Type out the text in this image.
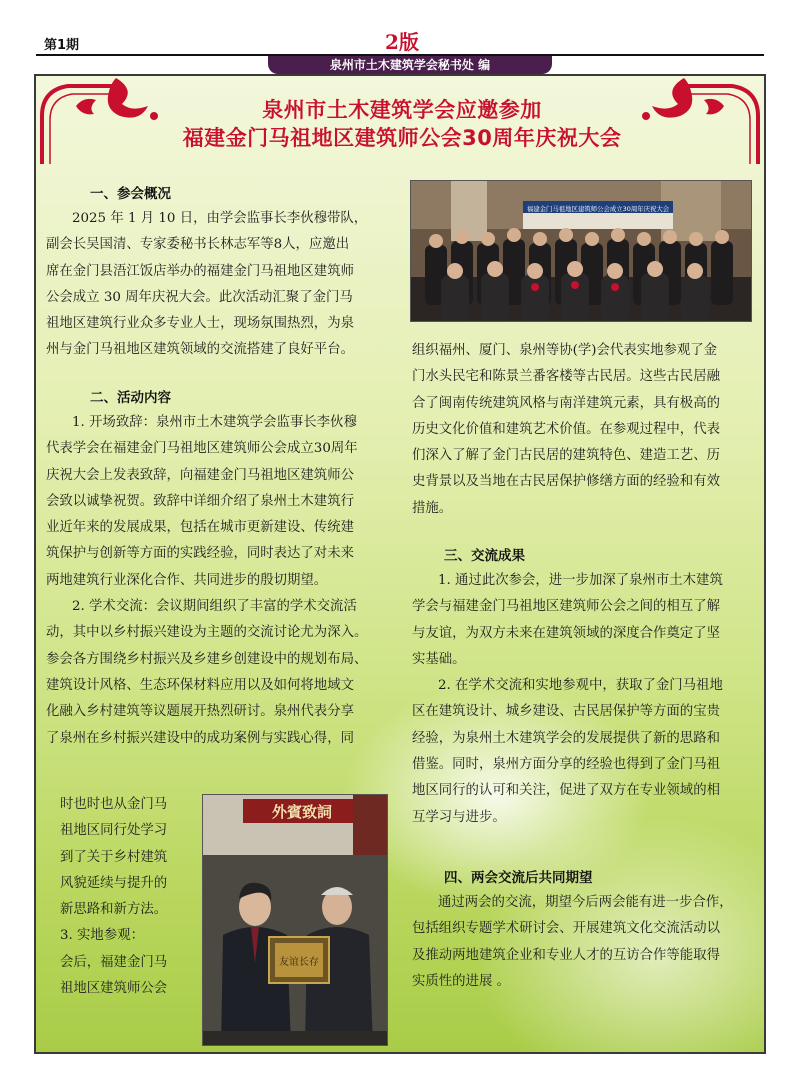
第1期	2版
泉州市土木建筑学会秘书处 编
泉州市土木建筑学会应邀参加
福建金门马祖地区建筑师公会30周年庆祝大会
一、参会概况
2025 年 1 月 10 日，由学会监事长李伙穆带队，
副会长吴国清、专家委秘书长林志军等8人，应邀出
席在金门县浯江饭店举办的福建金门马祖地区建筑师
公会成立 30 周年庆祝大会。此次活动汇聚了金门马
祖地区建筑行业众多专业人士，现场氛围热烈，为泉
州与金门马祖地区建筑领域的交流搭建了良好平台。
二、活动内容
1. 开场致辞：泉州市土木建筑学会监事长李伙穆
代表学会在福建金门马祖地区建筑师公会成立30周年
庆祝大会上发表致辞，向福建金门马祖地区建筑师公
会致以诚挚祝贺。致辞中详细介绍了泉州土木建筑行
业近年来的发展成果，包括在城市更新建设、传统建
筑保护与创新等方面的实践经验，同时表达了对未来
两地建筑行业深化合作、共同进步的殷切期望。
2. 学术交流：会议期间组织了丰富的学术交流活
动，其中以乡村振兴建设为主题的交流讨论尤为深入。
参会各方围绕乡村振兴及乡建乡创建设中的规划布局、
建筑设计风格、生态环保材料应用以及如何将地域文
化融入乡村建筑等议题展开热烈研讨。泉州代表分享
了泉州在乡村振兴建设中的成功案例与实践心得，同
时也时也从金门马
祖地区同行处学习
到了关于乡村建筑
风貌延续与提升的
新思路和新方法。
3. 实地参观：
会后，福建金门马
祖地区建筑师公会
外賓致詞
友谊长存
福建金门马祖地区建筑师公会成立30周年庆祝大会
组织福州、厦门、泉州等协(学)会代表实地参观了金
门水头民宅和陈景兰番客楼等古民居。这些古民居融
合了闽南传统建筑风格与南洋建筑元素，具有极高的
历史文化价值和建筑艺术价值。在参观过程中，代表
们深入了解了金门古民居的建筑特色、建造工艺、历
史背景以及当地在古民居保护修缮方面的经验和有效
措施。
三、交流成果
1. 通过此次参会，进一步加深了泉州市土木建筑
学会与福建金门马祖地区建筑师公会之间的相互了解
与友谊，为双方未来在建筑领域的深度合作奠定了坚
实基础。
2. 在学术交流和实地参观中，获取了金门马祖地
区在建筑设计、城乡建设、古民居保护等方面的宝贵
经验，为泉州土木建筑学会的发展提供了新的思路和
借鉴。同时，泉州方面分享的经验也得到了金门马祖
地区同行的认可和关注，促进了双方在专业领域的相
互学习与进步。
四、两会交流后共同期望
通过两会的交流，期望今后两会能有进一步合作，
包括组织专题学术研讨会、开展建筑文化交流活动以
及推动两地建筑企业和专业人才的互访合作等能取得
实质性的进展 。
